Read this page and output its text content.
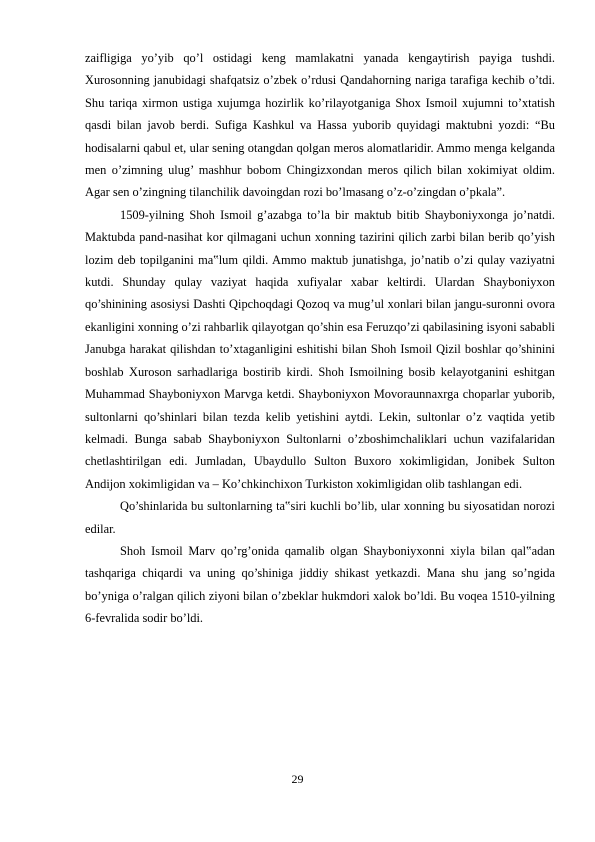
zaifligiga yo’yib qo’l ostidagi keng mamlakatni yanada kengaytirish payiga tushdi. Xurosonning janubidagi shafqatsiz o’zbek o’rdusi Qandahorning nariga tarafiga kechib o’tdi. Shu tariqa xirmon ustiga xujumga hozirlik ko’rilayotganiga Shox Ismoil xujumni to’xtatish qasdi bilan javob berdi. Sufiga Kashkul va Hassa yuborib quyidagi maktubni yozdi: “Bu hodisalarni qabul et, ular sening otangdan qolgan meros alomatlaridir. Ammo menga kelganda men o’zimning ulug’ mashhur bobom Chingizxondan meros qilich bilan xokimiyat oldim. Agar sen o’zingning tilanchilik davoingdan rozi bo’lmasang o’z-o’zingdan o’pkala”.

1509-yilning Shoh Ismoil g’azabga to’la bir maktub bitib Shayboniyxonga jo’natdi. Maktubda pand-nasihat kor qilmagani uchun xonning tazirini qilich zarbi bilan berib qo’yish lozim deb topilganini ma‟lum qildi. Ammo maktub junatishga, jo’natib o’zi qulay vaziyatni kutdi. Shunday qulay vaziyat haqida xufiyalar xabar keltirdi. Ulardan Shayboniyxon qo’shinining asosiysi Dashti Qipchoqdagi Qozoq va mug’ul xonlari bilan jangu-suronni ovora ekanligini xonning o’zi rahbarlik qilayotgan qo’shin esa Feruzqo’zi qabilasining isyoni sababli Janubga harakat qilishdan to’xtaganligini eshitishi bilan Shoh Ismoil Qizil boshlar qo’shinini boshlab Xuroson sarhadlariga bostirib kirdi. Shoh Ismoilning bosib kelayotganini eshitgan Muhammad Shayboniyxon Marvga ketdi. Shayboniyxon Movoraunnaxrga choparlar yuborib, sultonlarni qo’shinlari bilan tezda kelib yetishini aytdi. Lekin, sultonlar o’z vaqtida yetib kelmadi. Bunga sabab Shayboniyxon Sultonlarni o’zboshimchaliklari uchun vazifalaridan chetlashtirilgan edi. Jumladan, Ubaydullo Sulton Buxoro xokimligidan, Jonibek Sulton Andijon xokimligidan va – Ko’chkinchixon Turkiston xokimligidan olib tashlangan edi.

Qo’shinlarida bu sultonlarning ta‟siri kuchli bo’lib, ular xonning bu siyosatidan norozi edilar.

Shoh Ismoil Marv qo’rg’onida qamalib olgan Shayboniyxonni xiyla bilan qal‟adan tashqariga chiqardi va uning qo’shiniga jiddiy shikast yetkazdi. Mana shu jang so’ngida bo’yniga o’ralgan qilich ziyoni bilan o’zbeklar hukmdori xalok bo’ldi. Bu voqea 1510-yilning 6-fevralida sodir bo’ldi.

29
